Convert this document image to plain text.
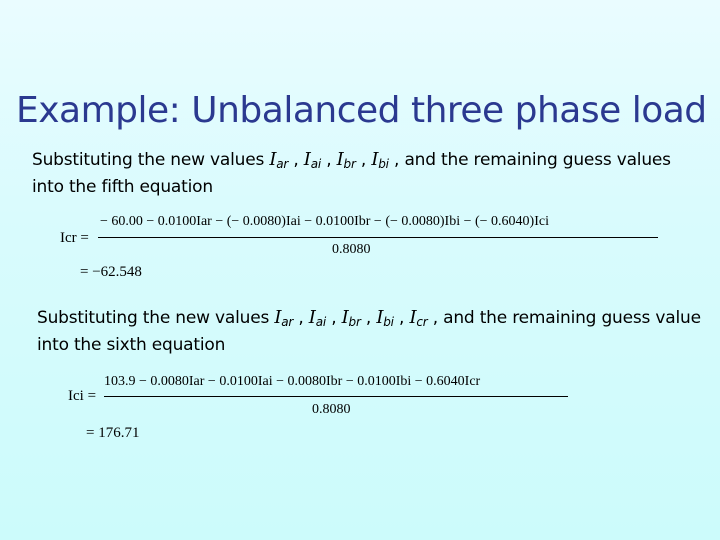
Example: Unbalanced three phase load
Substituting the new values $I_{ar}$ , $I_{ai}$ , $I_{br}$ , $I_{bi}$ , and the remaining guess values into the fifth equation
Icr =
− 60.00 − 0.0100Iar − (− 0.0080)Iai − 0.0100Ibr − (− 0.0080)Ibi − (− 0.6040)Ici
0.8080
= −62.548
Substituting the new values $I_{ar}$ , $I_{ai}$ , $I_{br}$ , $I_{bi}$ , $I_{cr}$ , and the remaining guess value into the sixth equation
Ici =
103.9 − 0.0080Iar − 0.0100Iai − 0.0080Ibr − 0.0100Ibi − 0.6040Icr
0.8080
= 176.71
